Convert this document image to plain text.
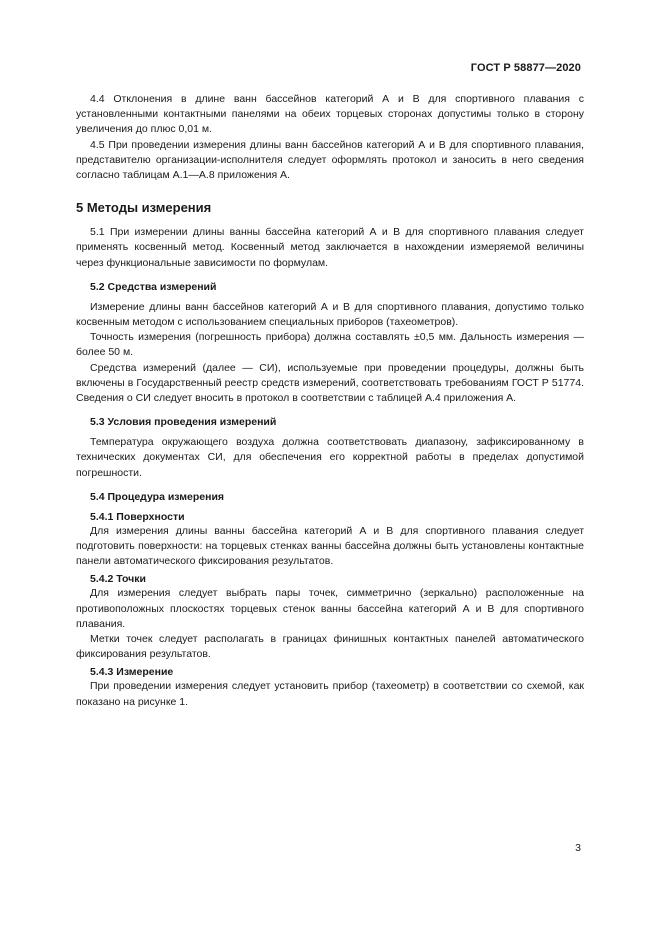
ГОСТ Р 58877—2020

4.4 Отклонения в длине ванн бассейнов категорий А и В для спортивного плавания с установленными контактными панелями на обеих торцевых сторонах допустимы только в сторону увеличения до плюс 0,01 м.

4.5 При проведении измерения длины ванн бассейнов категорий А и В для спортивного плавания, представителю организации-исполнителя следует оформлять протокол и заносить в него сведения согласно таблицам А.1—А.8 приложения А.

5 Методы измерения

5.1 При измерении длины ванны бассейна категорий А и В для спортивного плавания следует применять косвенный метод. Косвенный метод заключается в нахождении измеряемой величины через функциональные зависимости по формулам.

5.2 Средства измерений

Измерение длины ванн бассейнов категорий А и В для спортивного плавания, допустимо только косвенным методом с использованием специальных приборов (тахеометров).

Точность измерения (погрешность прибора) должна составлять ±0,5 мм. Дальность измерения — более 50 м.

Средства измерений (далее — СИ), используемые при проведении процедуры, должны быть включены в Государственный реестр средств измерений, соответствовать требованиям ГОСТ Р 51774. Сведения о СИ следует вносить в протокол в соответствии с таблицей А.4 приложения А.

5.3 Условия проведения измерений

Температура окружающего воздуха должна соответствовать диапазону, зафиксированному в технических документах СИ, для обеспечения его корректной работы в пределах допустимой погрешности.

5.4 Процедура измерения
5.4.1 Поверхности

Для измерения длины ванны бассейна категорий А и В для спортивного плавания следует подготовить поверхности: на торцевых стенках ванны бассейна должны быть установлены контактные панели автоматического фиксирования результатов.

5.4.2 Точки

Для измерения следует выбрать пары точек, симметрично (зеркально) расположенные на противоположных плоскостях торцевых стенок ванны бассейна категорий А и В для спортивного плавания.

Метки точек следует располагать в границах финишных контактных панелей автоматического фиксирования результатов.

5.4.3 Измерение

При проведении измерения следует установить прибор (тахеометр) в соответствии со схемой, как показано на рисунке 1.

3
